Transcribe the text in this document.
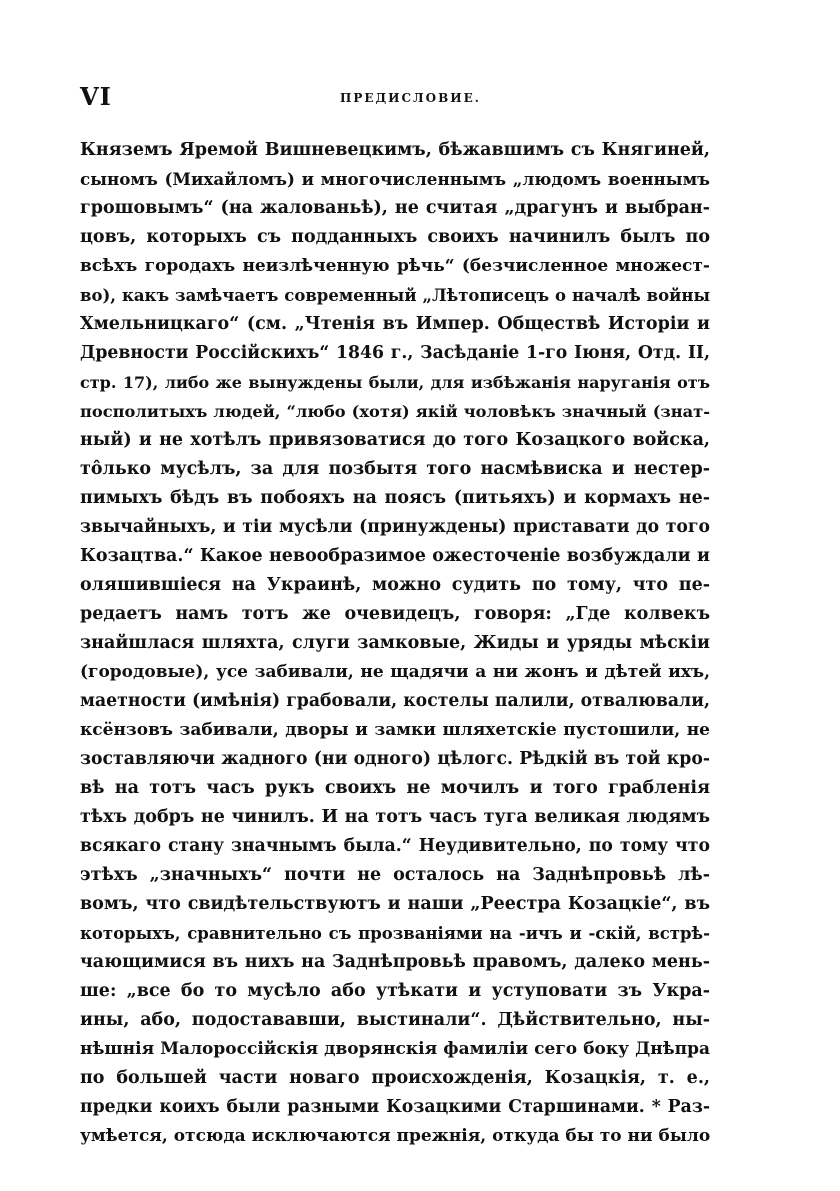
VI	ПРЕДИСЛОВИЕ.
Княземъ Яремой Вишневецкимъ, бѣжавшимъ съ Княгиней,
сыномъ (Михайломъ) и многочисленнымъ „людомъ военнымъ
грошовымъ“ (на жалованьѣ), не считая „драгунъ и выбран-
цовъ, которыхъ съ подданныхъ своихъ начинилъ былъ по
всѣхъ городахъ неизлѣченную рѣчь“ (безчисленное множест-
во), какъ замѣчаетъ современный „Лѣтописецъ о началѣ войны
Хмельницкаго“ (см. „Чтенія въ Импер. Обществѣ Исторіи и
Древности Россійскихъ“ 1846 г., Засѣданіе 1-го Іюня, Отд. II,
стр. 17), либо же вынуждены были, для избѣжанія наруганія отъ
посполитыхъ людей, “любо (хотя) якій чоловѣкъ значный (знат-
ный) и не хотѣлъ привязоватися до того Козацкого войска,
тôлько мусѣлъ, за для позбытя того насмѣвиска и нестер-
пимыхъ бѣдъ въ побояхъ на поясъ (питьяхъ) и кормахъ не-
звычайныхъ, и тіи мусѣли (принуждены) приставати до того
Козацтва.“ Какое невообразимое ожесточеніе возбуждали и
оляшившіеся на Украинѣ, можно судить по тому, что пе-
редаетъ намъ тотъ же очевидецъ, говоря: „Где колвекъ
знайшлася шляхта, слуги замковые, Жиды и уряды мѣскіи
(городовые), усе забивали, не щадячи а ни жонъ и дѣтей ихъ,
маетности (имѣнія) грабовали, костелы палили, отвалювали,
ксёнзовъ забивали, дворы и замки шляхетскіе пустошили, не
зоставляючи жадного (ни одного) цѣлогс. Рѣдкій въ той кро-
вѣ на тотъ часъ рукъ своихъ не мочилъ и того грабленія
тѣхъ добръ не чинилъ. И на тотъ часъ туга великая людямъ
всякаго стану значнымъ была.“ Неудивительно, по тому что
этѣхъ „значныхъ“ почти не осталось на Заднѣпровьѣ лѣ-
вомъ, что свидѣтельствуютъ и наши „Реестра Козацкіе“, въ
которыхъ, сравнительно съ прозваніями на -ичъ и -скій, встрѣ-
чающимися въ нихъ на Заднѣпровьѣ правомъ, далеко мень-
ше: „все бо то мусѣло або утѣкати и уступовати зъ Укра-
ины, або, подостававши, выстинали“. Дѣйствительно, ны-
нѣшнія Малороссійскія дворянскія фамиліи сего боку Днѣпра
по большей части новаго происхожденія, Козацкія, т. е.,
предки коихъ были разными Козацкими Старшинами. * Раз-
умѣется, отсюда исключаются прежнія, откуда бы то ни было
